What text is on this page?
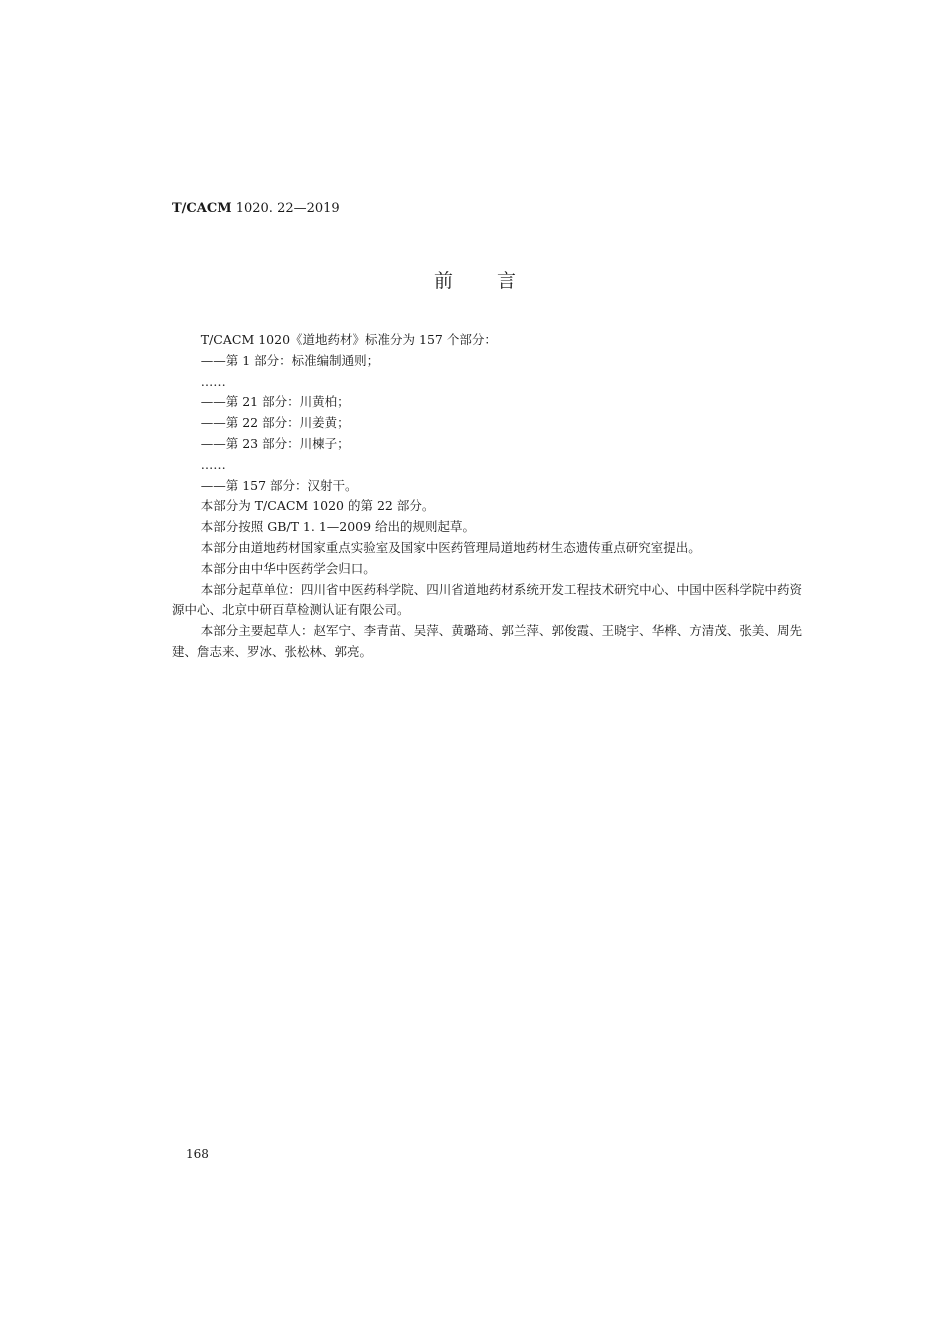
T/CACM 1020. 22—2019
前言

T/CACM 1020《道地药材》标准分为 157 个部分：

——第 1 部分：标准编制通则；

……

——第 21 部分：川黄柏；

——第 22 部分：川姜黄；

——第 23 部分：川楝子；

……

——第 157 部分：汉射干。

本部分为 T/CACM 1020 的第 22 部分。

本部分按照 GB/T 1. 1—2009 给出的规则起草。

本部分由道地药材国家重点实验室及国家中医药管理局道地药材生态遗传重点研究室提出。

本部分由中华中医药学会归口。

本部分起草单位：四川省中医药科学院、四川省道地药材系统开发工程技术研究中心、中国中医科学院中药资源中心、北京中研百草检测认证有限公司。

本部分主要起草人：赵军宁、李青苗、吴萍、黄璐琦、郭兰萍、郭俊霞、王晓宇、华桦、方清茂、张美、周先建、詹志来、罗冰、张松林、郭亮。

168
